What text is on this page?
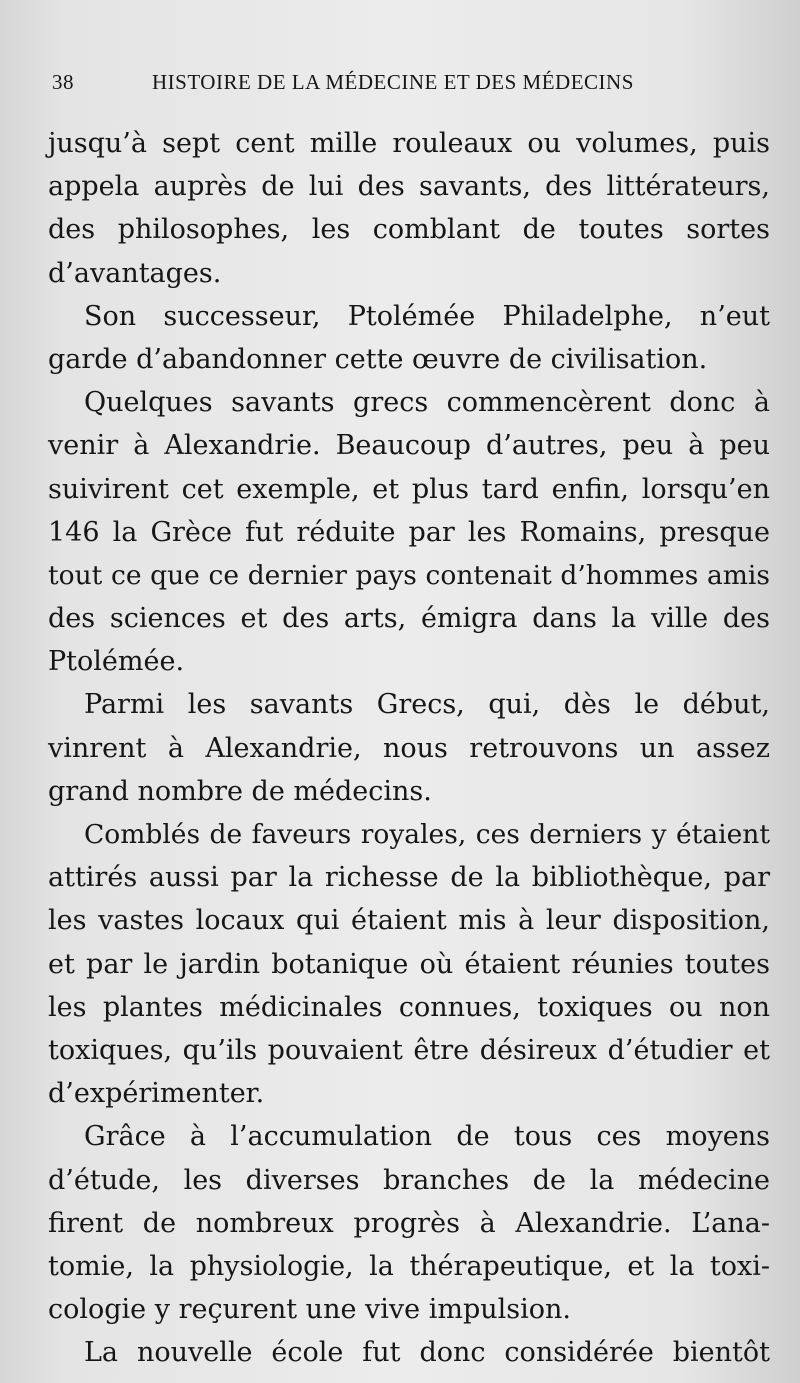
38	HISTOIRE DE LA MÉDECINE ET DES MÉDECINS
jusqu’à sept cent mille rouleaux ou volumes, puis
appela auprès de lui des savants, des littérateurs,
des philosophes, les comblant de toutes sortes
d’avantages.
Son successeur, Ptolémée Philadelphe, n’eut
garde d’abandonner cette œuvre de civilisation.
Quelques savants grecs commencèrent donc à
venir à Alexandrie. Beaucoup d’autres, peu à peu
suivirent cet exemple, et plus tard enfin, lorsqu’en
146 la Grèce fut réduite par les Romains, presque
tout ce que ce dernier pays contenait d’hommes amis
des sciences et des arts, émigra dans la ville des
Ptolémée.
Parmi les savants Grecs, qui, dès le début,
vinrent à Alexandrie, nous retrouvons un assez
grand nombre de médecins.
Comblés de faveurs royales, ces derniers y étaient
attirés aussi par la richesse de la bibliothèque, par
les vastes locaux qui étaient mis à leur disposition,
et par le jardin botanique où étaient réunies toutes
les plantes médicinales connues, toxiques ou non
toxiques, qu’ils pouvaient être désireux d’étudier et
d’expérimenter.
Grâce à l’accumulation de tous ces moyens
d’étude, les diverses branches de la médecine
firent de nombreux progrès à Alexandrie. L’ana-
tomie, la physiologie, la thérapeutique, et la toxi-
cologie y reçurent une vive impulsion.
La nouvelle école fut donc considérée bientôt
